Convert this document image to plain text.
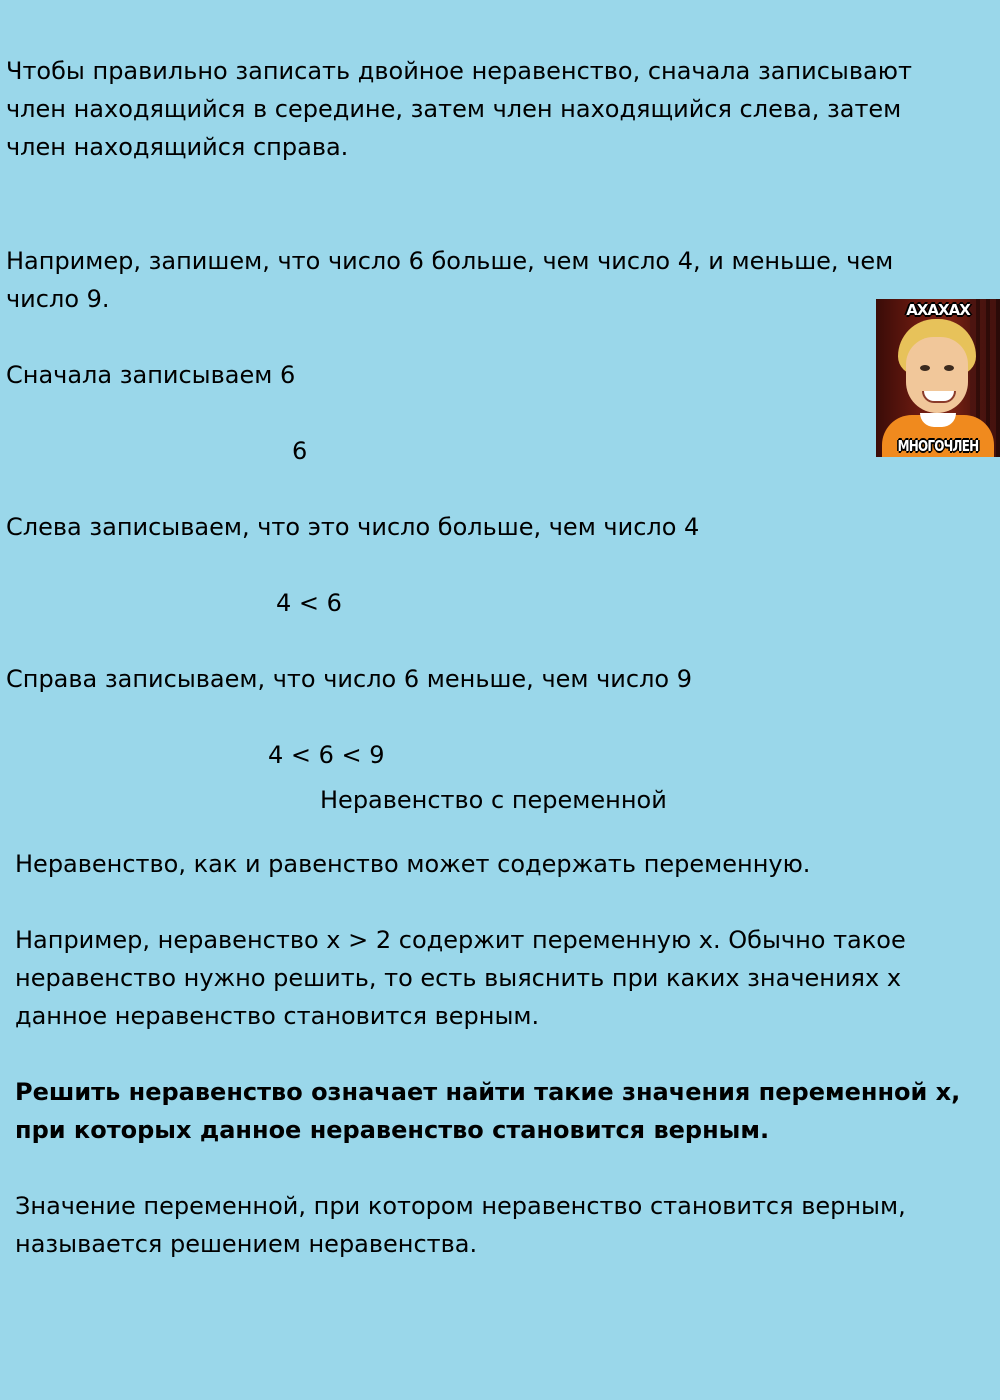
Чтобы правильно записать двойное неравенство, сначала записывают член находящийся в середине, затем член находящийся слева, затем член находящийся справа.

Например, запишем, что число 6 больше, чем число 4, и меньше, чем число 9.

Сначала записываем 6

6

Слева записываем, что это число больше, чем число 4

4 < 6

Справа записываем, что число 6 меньше, чем число 9

4 < 6 < 9

Неравенство с переменной

Неравенство, как и равенство может содержать переменную.

Например, неравенство x > 2 содержит переменную x. Обычно такое неравенство нужно решить, то есть выяснить при каких значениях x данное неравенство становится верным.

Решить неравенство означает найти такие значения переменной x, при которых данное неравенство становится верным.

Значение переменной, при котором неравенство становится верным, называется решением неравенства.

АХАХАХ
МНОГОЧЛЕН
